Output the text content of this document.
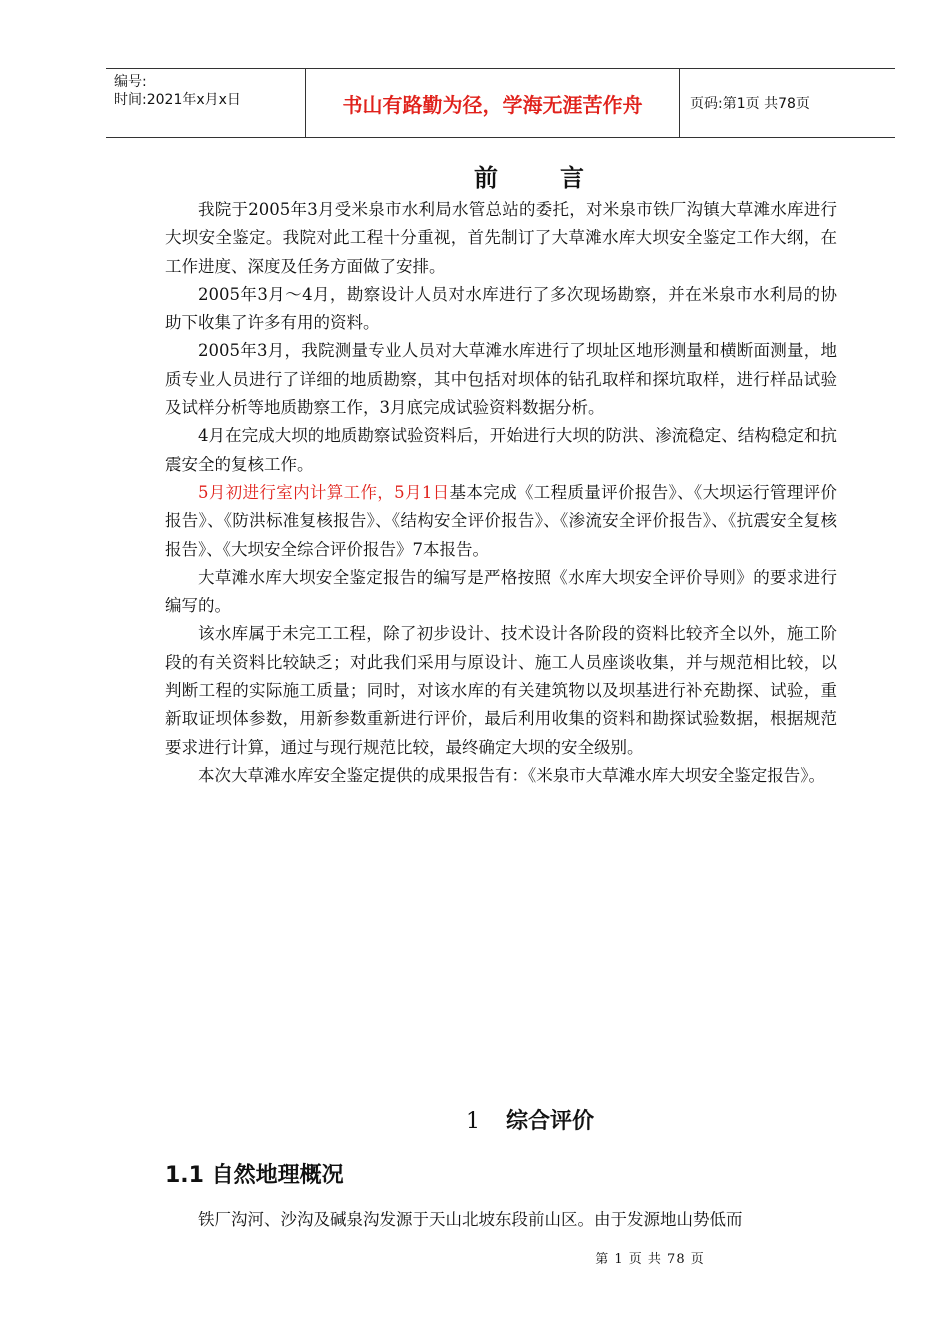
编号:
时间:2021年x月x日	书山有路勤为径，学海无涯苦作舟	页码:第1页 共78页
前	言

我院于2005年3月受米泉市水利局水管总站的委托，对米泉市铁厂沟镇大草滩水库进行大坝安全鉴定。我院对此工程十分重视，首先制订了大草滩水库大坝安全鉴定工作大纲，在工作进度、深度及任务方面做了安排。

2005年3月～4月，勘察设计人员对水库进行了多次现场勘察，并在米泉市水利局的协助下收集了许多有用的资料。

2005年3月，我院测量专业人员对大草滩水库进行了坝址区地形测量和横断面测量，地质专业人员进行了详细的地质勘察，其中包括对坝体的钻孔取样和探坑取样，进行样品试验及试样分析等地质勘察工作，3月底完成试验资料数据分析。

4月在完成大坝的地质勘察试验资料后，开始进行大坝的防洪、渗流稳定、结构稳定和抗震安全的复核工作。

5月初进行室内计算工作，5月1日基本完成《工程质量评价报告》、《大坝运行管理评价报告》、《防洪标准复核报告》、《结构安全评价报告》、《渗流安全评价报告》、《抗震安全复核报告》、《大坝安全综合评价报告》7本报告。

大草滩水库大坝安全鉴定报告的编写是严格按照《水库大坝安全评价导则》的要求进行编写的。

该水库属于未完工工程，除了初步设计、技术设计各阶段的资料比较齐全以外，施工阶段的有关资料比较缺乏；对此我们采用与原设计、施工人员座谈收集，并与规范相比较，以判断工程的实际施工质量；同时，对该水库的有关建筑物以及坝基进行补充勘探、试验，重新取证坝体参数，用新参数重新进行评价，最后利用收集的资料和勘探试验数据，根据规范要求进行计算，通过与现行规范比较，最终确定大坝的安全级别。

本次大草滩水库安全鉴定提供的成果报告有：《米泉市大草滩水库大坝安全鉴定报告》。

1 综合评价
1.1 自然地理概况
铁厂沟河、沙沟及碱泉沟发源于天山北坡东段前山区。由于发源地山势低而
第 1 页 共 78 页
